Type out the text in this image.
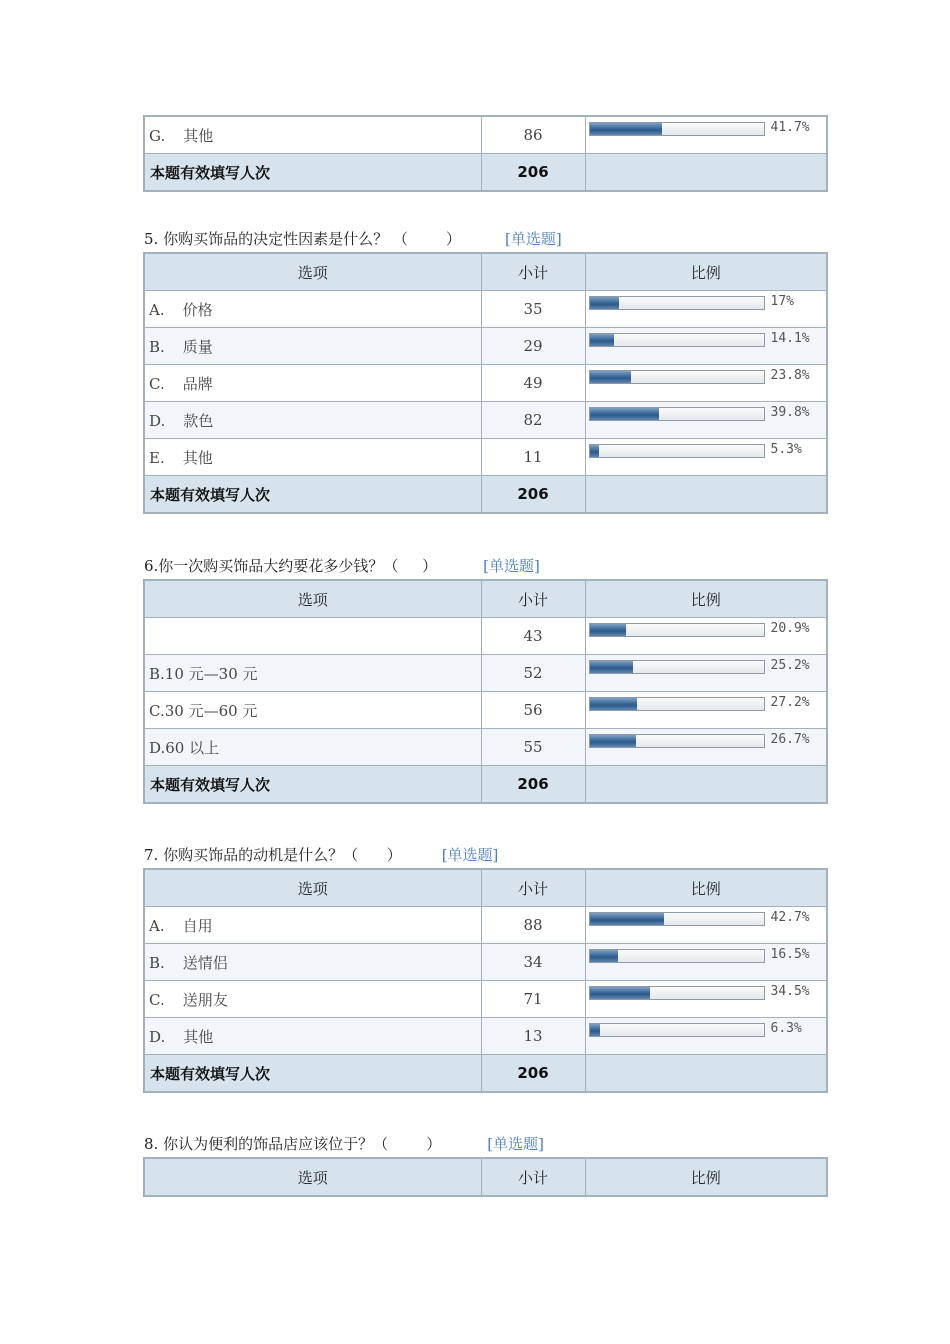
G. 其他	86	41.7%

本题有效填写人次	206	
5. 你购买饰品的决定性因素是什么？ （        ）	[单选题]
选项	小计	比例
A. 价格	35	17%

B. 质量	29	14.1%

C. 品牌	49	23.8%

D. 款色	82	39.8%

E. 其他	11	5.3%

本题有效填写人次	206	
6.你一次购买饰品大约要花多少钱？（     ）	[单选题]
选项	小计	比例
	43	20.9%

B.10 元—30 元	52	25.2%

C.30 元—60 元	56	27.2%

D.60 以上	55	26.7%

本题有效填写人次	206	
7. 你购买饰品的动机是什么？（      ）	[单选题]
选项	小计	比例
A. 自用	88	42.7%

B. 送情侣	34	16.5%

C. 送朋友	71	34.5%

D. 其他	13	6.3%

本题有效填写人次	206	
8. 你认为便利的饰品店应该位于？（        ）	[单选题]
选项	小计	比例
